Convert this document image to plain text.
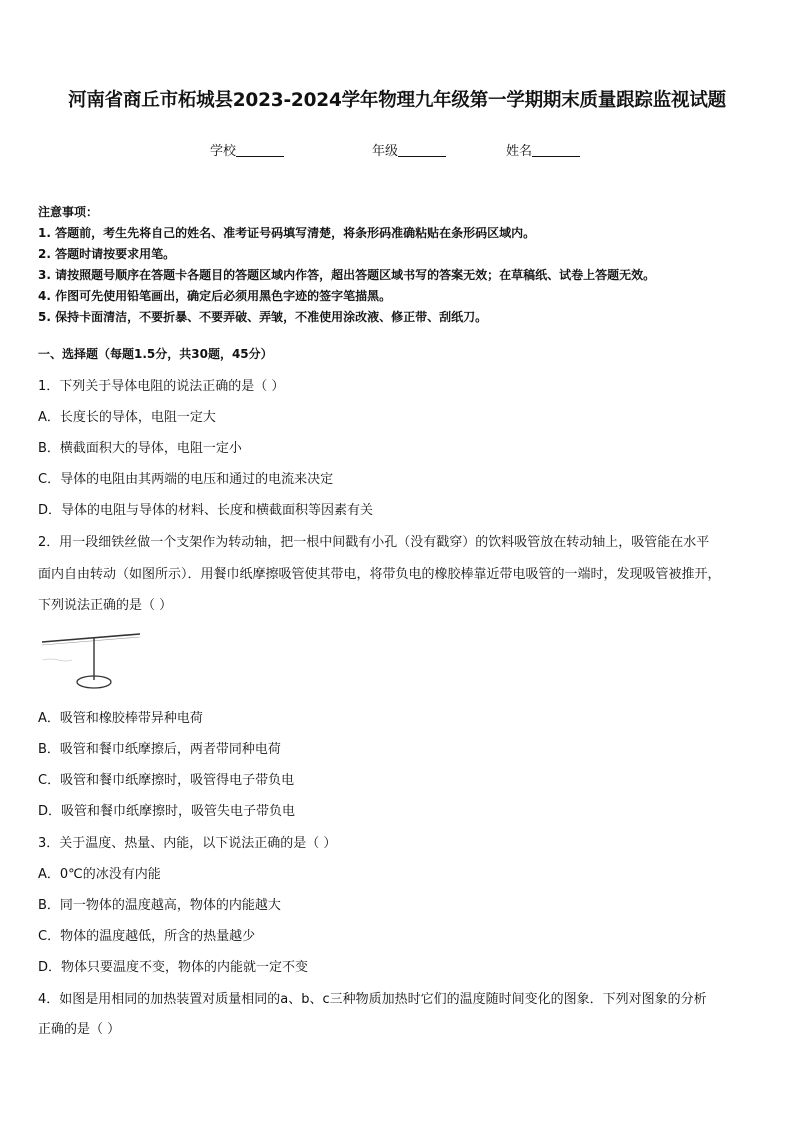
河南省商丘市柘城县2023-2024学年物理九年级第一学期期末质量跟踪监视试题
学校	年级	姓名
注意事项：
1. 答题前，考生先将自己的姓名、准考证号码填写清楚，将条形码准确粘贴在条形码区域内。
2. 答题时请按要求用笔。
3. 请按照题号顺序在答题卡各题目的答题区域内作答，超出答题区域书写的答案无效；在草稿纸、试卷上答题无效。
4. 作图可先使用铅笔画出，确定后必须用黑色字迹的签字笔描黑。
5. 保持卡面清洁，不要折暴、不要弄破、弄皱，不准使用涂改液、修正带、刮纸刀。
一、选择题（每题1.5分，共30题，45分）
1．下列关于导体电阻的说法正确的是（ ）
A．长度长的导体，电阻一定大
B．横截面积大的导体，电阻一定小
C．导体的电阻由其两端的电压和通过的电流来决定
D．导体的电阻与导体的材料、长度和横截面积等因素有关
2．用一段细铁丝做一个支架作为转动轴，把一根中间戳有小孔（没有戳穿）的饮料吸管放在转动轴上，吸管能在水平
面内自由转动（如图所示）．用餐巾纸摩擦吸管使其带电，将带负电的橡胶棒靠近带电吸管的一端时，发现吸管被推开，
下列说法正确的是（ ）
A．吸管和橡胶棒带异种电荷
B．吸管和餐巾纸摩擦后，两者带同种电荷
C．吸管和餐巾纸摩擦时，吸管得电子带负电
D．吸管和餐巾纸摩擦时，吸管失电子带负电
3．关于温度、热量、内能，以下说法正确的是（ ）
A．0℃的冰没有内能
B．同一物体的温度越高，物体的内能越大
C．物体的温度越低，所含的热量越少
D．物体只要温度不变，物体的内能就一定不变
4．如图是用相同的加热装置对质量相同的a、b、c三种物质加热时它们的温度随时间变化的图象．下列对图象的分析
正确的是（ ）
